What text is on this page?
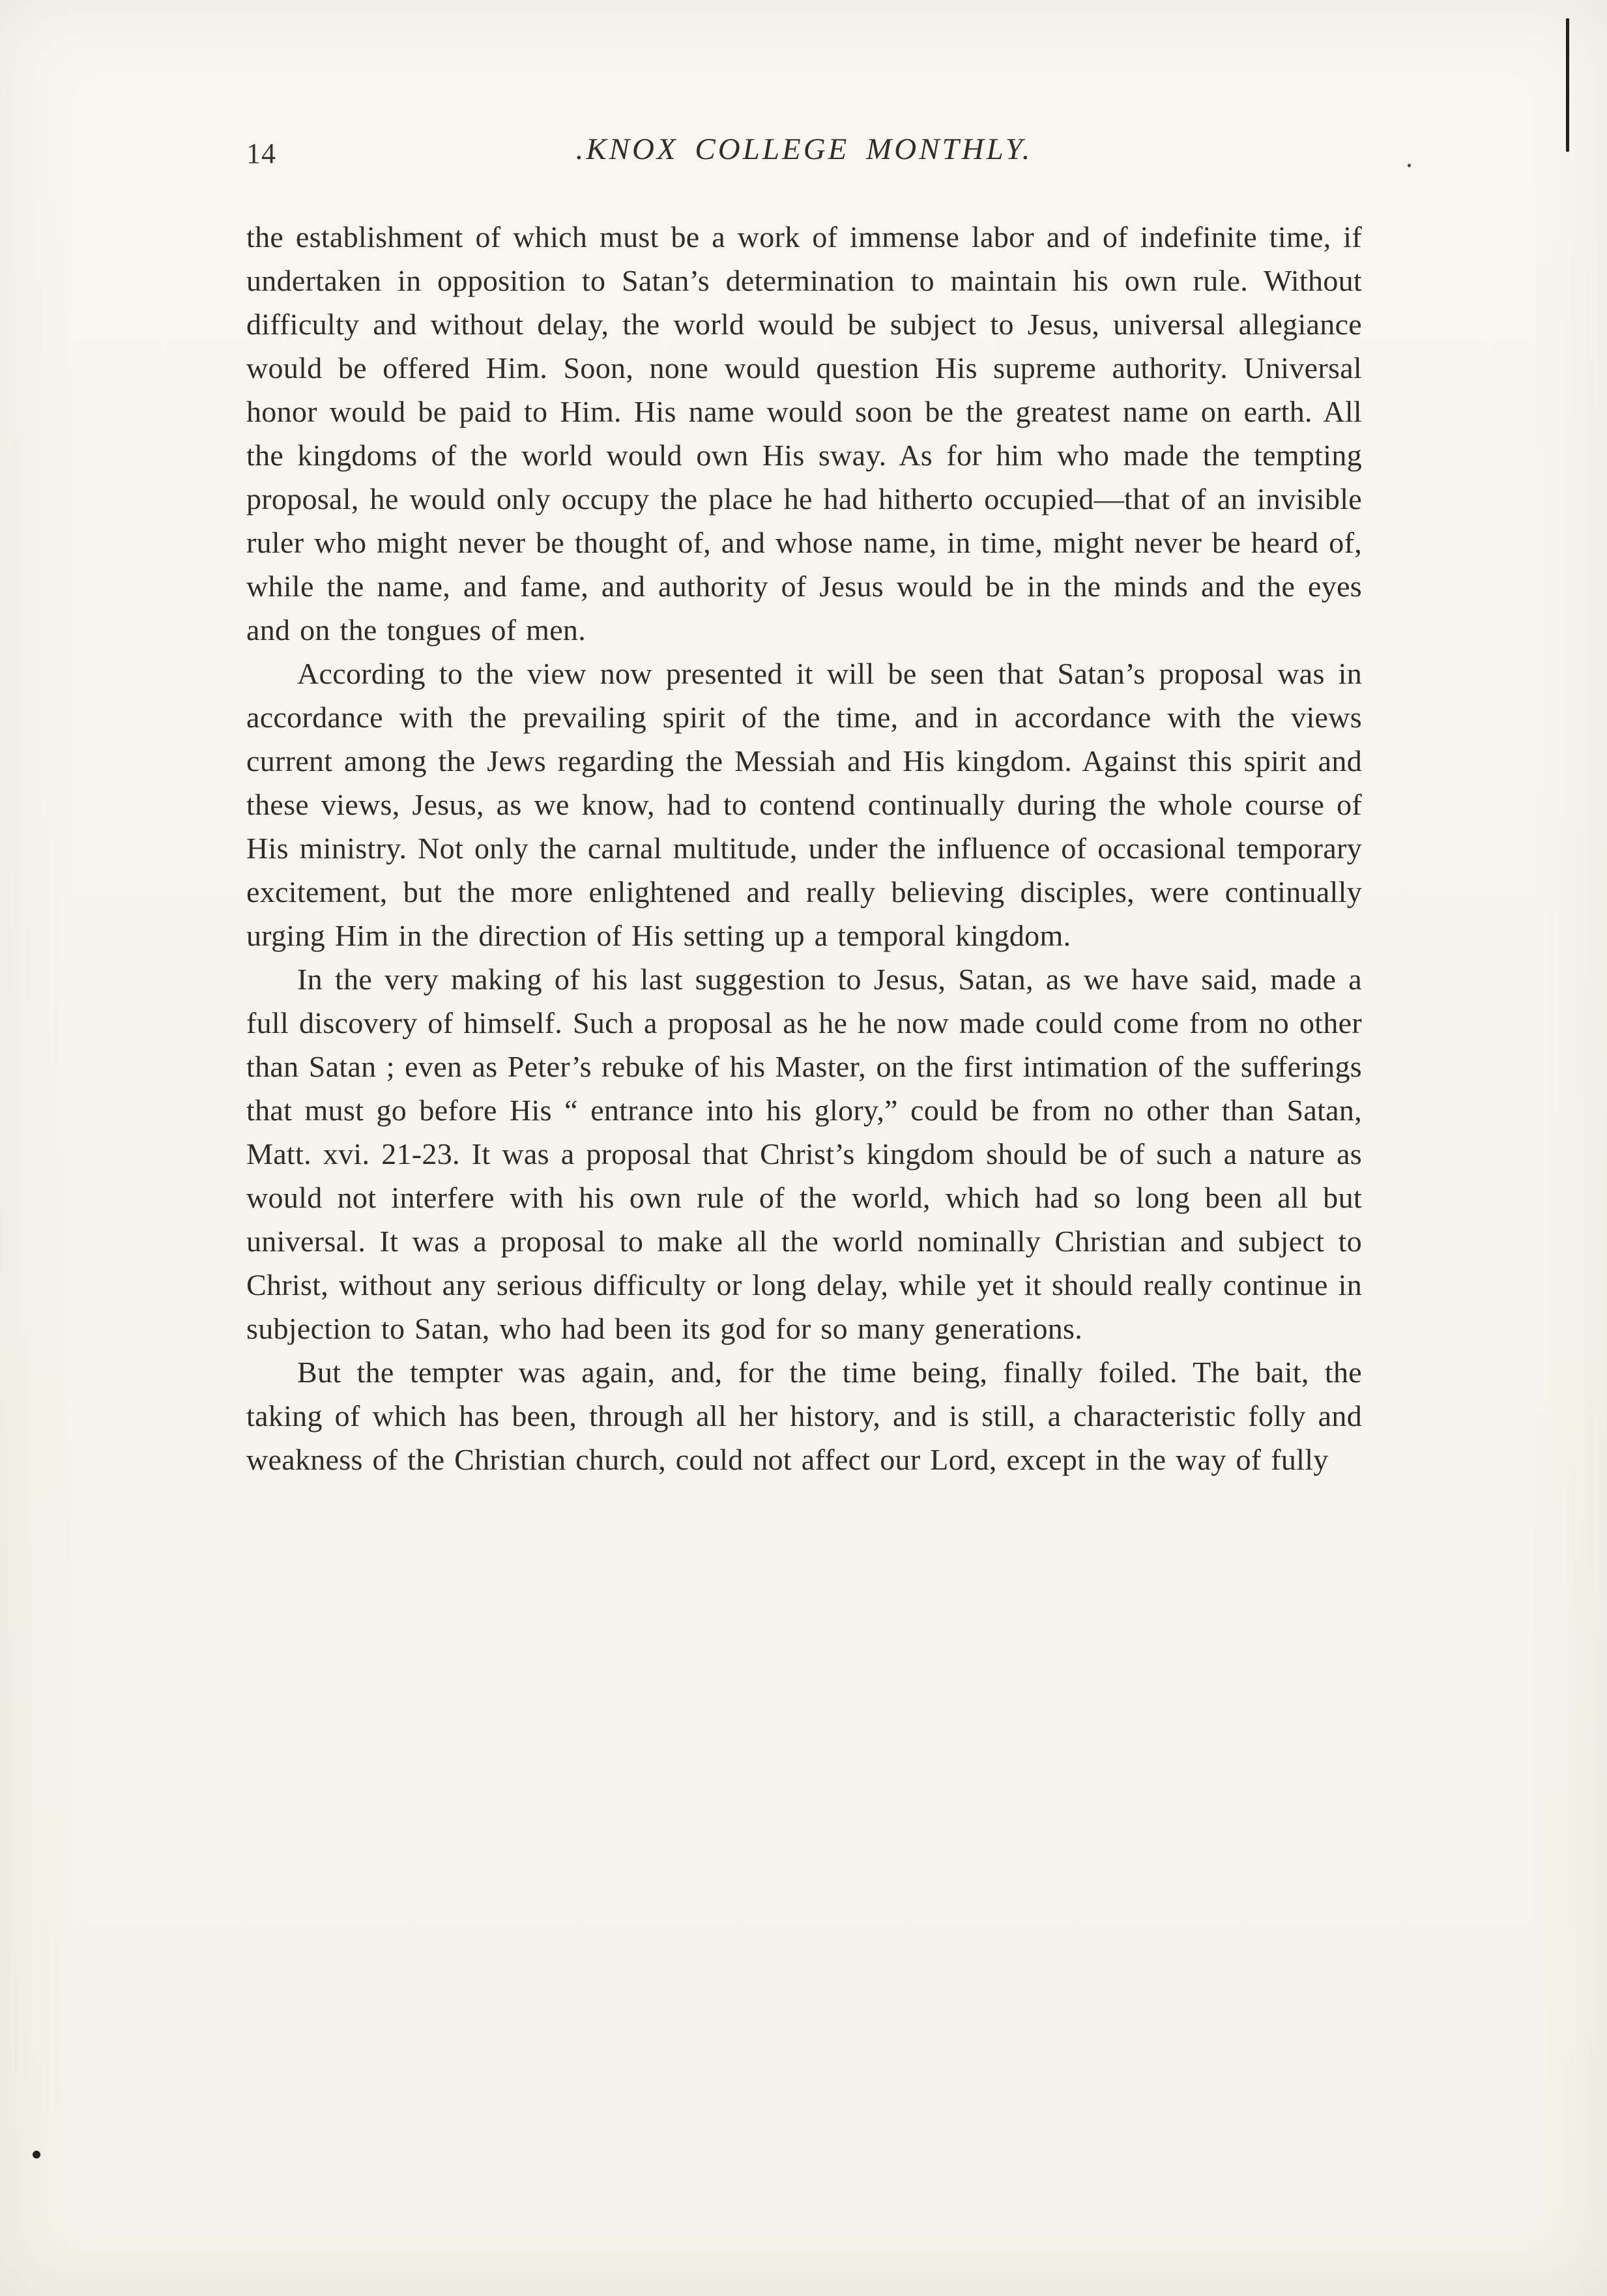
14	.KNOX COLLEGE MONTHLY.	.

the establishment of which must be a work of immense labor and of indefinite time, if undertaken in opposition to Satan’s determination to maintain his own rule. Without difficulty and without delay, the world would be subject to Jesus, universal allegiance would be offered Him. Soon, none would question His supreme authority. Universal honor would be paid to Him. His name would soon be the greatest name on earth. All the kingdoms of the world would own His sway. As for him who made the tempting proposal, he would only occupy the place he had hitherto occupied—that of an invisible ruler who might never be thought of, and whose name, in time, might never be heard of, while the name, and fame, and authority of Jesus would be in the minds and the eyes and on the tongues of men.

According to the view now presented it will be seen that Satan’s proposal was in accordance with the prevailing spirit of the time, and in accordance with the views current among the Jews regarding the Messiah and His kingdom. Against this spirit and these views, Jesus, as we know, had to contend continually during the whole course of His ministry. Not only the carnal multitude, under the influence of occasional temporary excitement, but the more enlightened and really believing disciples, were continually urging Him in the direction of His setting up a temporal kingdom.

In the very making of his last suggestion to Jesus, Satan, as we have said, made a full discovery of himself. Such a proposal as he he now made could come from no other than Satan ; even as Peter’s rebuke of his Master, on the first intimation of the sufferings that must go before His “ entrance into his glory,” could be from no other than Satan, Matt. xvi. 21-23. It was a proposal that Christ’s kingdom should be of such a nature as would not interfere with his own rule of the world, which had so long been all but universal. It was a proposal to make all the world nominally Christian and subject to Christ, without any serious difficulty or long delay, while yet it should really continue in subjection to Satan, who had been its god for so many generations.

But the tempter was again, and, for the time being, finally foiled. The bait, the taking of which has been, through all her history, and is still, a characteristic folly and weakness of the Christian church, could not affect our Lord, except in the way of fully
